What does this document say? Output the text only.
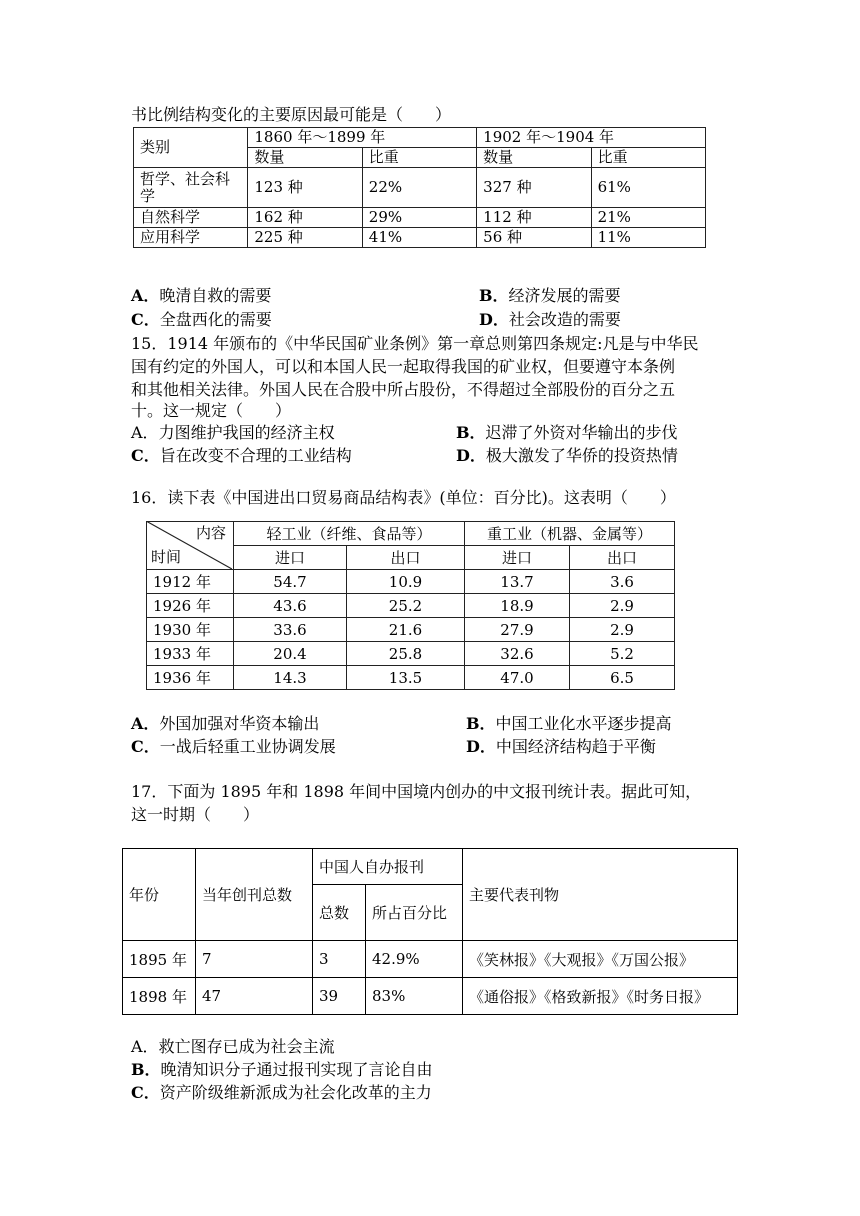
书比例结构变化的主要原因最可能是（　　）
类别	1860 年～1899 年		1902 年～1904 年	
	数量	比重	数量	比重
哲学、社会科学	123 种	22%	327 种	61%
自然科学	162 种	29%	112 种	21%
应用科学	225 种	41%	56 种	11%
A．晚清自救的需要	B．经济发展的需要
C．全盘西化的需要	D．社会改造的需要
15．1914 年颁布的《中华民国矿业条例》第一章总则第四条规定:凡是与中华民
国有约定的外国人，可以和本国人民一起取得我国的矿业权，但要遵守本条例
和其他相关法律。外国人民在合股中所占股份，不得超过全部股份的百分之五
十。这一规定（　　）
A．力图维护我国的经济主权	B．迟滞了外资对华输出的步伐
C．旨在改变不合理的工业结构	D．极大激发了华侨的投资热情
16．读下表《中国进出口贸易商品结构表》(单位：百分比)。这表明（　　）
内容
时间
	轻工业（纤维、食品等）		重工业（机器、金属等）	
	进口	出口	进口	出口
1912 年	54.7	10.9	13.7	3.6
1926 年	43.6	25.2	18.9	2.9
1930 年	33.6	21.6	27.9	2.9
1933 年	20.4	25.8	32.6	5.2
1936 年	14.3	13.5	47.0	6.5
A．外国加强对华资本输出	B．中国工业化水平逐步提高
C．一战后轻重工业协调发展	D．中国经济结构趋于平衡
17．下面为 1895 年和 1898 年间中国境内创办的中文报刊统计表。据此可知，
这一时期（　　）
年份	当年创刊总数	中国人自办报刊		主要代表刊物
		总数	所占百分比	
1895 年	7	3	42.9%	《笑林报》《大观报》《万国公报》
1898 年	47	39	83%	《通俗报》《格致新报》《时务日报》
A．救亡图存已成为社会主流
B．晚清知识分子通过报刊实现了言论自由
C．资产阶级维新派成为社会化改革的主力
